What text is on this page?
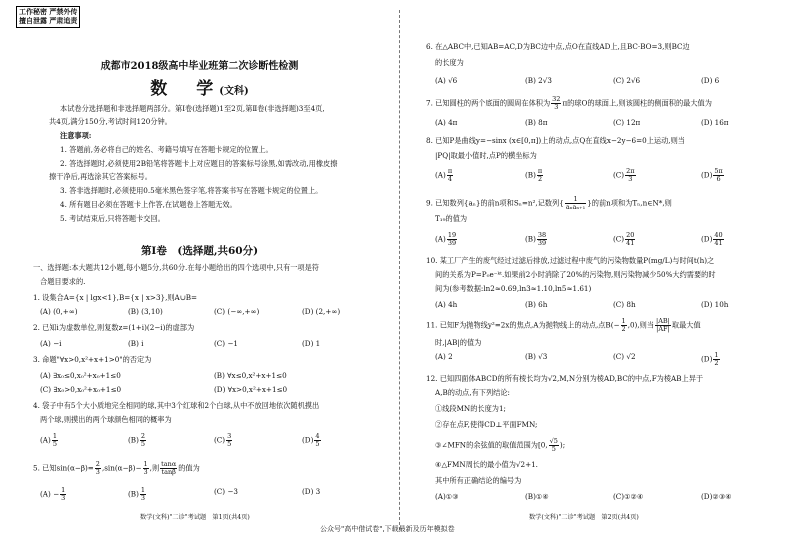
工作秘密 严禁外传
擅自泄露 严肃追责
成都市2018级高中毕业班第二次诊断性检测
数　学(文科)
本试卷分选择题和非选择题两部分。第Ⅰ卷(选择题)1至2页,第Ⅱ卷(非选择题)3至4页,
共4页,满分150分,考试时间120分钟。
注意事项:
1. 答题前,务必将自己的姓名、考籍号填写在答题卡规定的位置上。
2. 答选择题时,必须使用2B铅笔将答题卡上对应题目的答案标号涂黑,如需改动,用橡皮擦
擦干净后,再选涂其它答案标号。
3. 答非选择题时,必须使用0.5毫米黑色签字笔,将答案书写在答题卡规定的位置上。
4. 所有题目必须在答题卡上作答,在试题卷上答题无效。
5. 考试结束后,只将答题卡交回。
第Ⅰ卷　(选择题,共60分)
一、选择题:本大题共12小题,每小题5分,共60分.在每小题给出的四个选项中,只有一项是符
合题目要求的.
1. 设集合A={x | lgx<1},B={x | x>3},则A∪B=
(A) (0,+∞)	(B) (3,10)	(C) (−∞,+∞)	(D) (2,+∞)
2. 已知i为虚数单位,则复数z=(1+i)(2−i)的虚部为
(A) −i	(B) i	(C) −1	(D) 1
3. 命题"∀x>0,x²+x+1>0"的否定为
(A) ∃x₀≤0,x₀²+x₀+1≤0	(B) ∀x≤0,x²+x+1≤0
(C) ∃x₀>0,x₀²+x₀+1≤0	(D) ∀x>0,x²+x+1≤0
4. 袋子中有5个大小质地完全相同的球,其中3个红球和2个白球,从中不放回地依次随机摸出
两个球,则摸出的两个球颜色相同的概率为
$(A) \frac{1}{5}$	$(B) \frac{2}{5}$	$(C) \frac{3}{5}$	$(D) \frac{4}{5}$
5. 已知$\sin(\alpha-\beta)= \frac{2}{3} ,\sin(\alpha-\beta)- \frac{1}{3}$ ,则 $\frac{\tan\alpha}{\tan\beta}$ 的值为
$(A) - \frac{1}{3}$	$(B) \frac{1}{3}$	(C) −3	(D) 3
数学(文科)"二诊"考试题　第1页(共4页)
6. 在△ABC中,已知AB=AC,D为BC边中点,点O在直线AD上,且BC·BO=3,则BC边
的长度为
(A) √6	(B) 2√3	(C) 2√6	(D) 6
7. 已知圆柱的两个底面的圆周在体积为 $\frac{32}{3}$ π的球O的球面上,则该圆柱的侧面积的最大值为
(A) 4π	(B) 8π	(C) 12π	(D) 16π
8. 已知P是曲线y=−sinx (x∈[0,π])上的动点,点Q在直线x−2y−6=0上运动,则当
|PQ|取最小值时,点P的横坐标为
$(A) \frac{\pi}{4}$	$(B) \frac{\pi}{2}$	$(C) \frac{2\pi}{3}$	$(D) \frac{5\pi}{6}$
9. 已知数列{aₙ}的前n项和Sₙ=n²,记数列{ $\frac{1}{\text{aₙaₙ₊₁}}$ }的前n项和为Tₙ,n∈N*,则
T₁₉的值为
$(A) \frac{19}{39}$	$(B) \frac{38}{39}$	$(C) \frac{20}{41}$	$(D) \frac{40}{41}$
10. 某工厂产生的废气经过过滤后排放,过滤过程中废气的污染物数量P(mg/L)与时间t(h)之
间的关系为P=P₀e⁻ᵏᵗ.如果前2小时消除了20%的污染物,则污染物减少50%大约需要的时
间为(参考数据:ln2≈0.69,ln3≈1.10,ln5≈1.61)
(A) 4h	(B) 6h	(C) 8h	(D) 10h
11. 已知F为抛物线y²=2x的焦点,A为抛物线上的动点,点$B(- \frac{1}{2} ,0)$,则当 $\frac{|AB|}{|AF|}$ 取最大值
时,|AB|的值为
(A) 2	(B) √3	(C) √2	$(D) \frac{1}{2}$
12. 已知四面体ABCD的所有棱长均为√2,M,N分别为棱AD,BC的中点,F为棱AB上异于
A,B的动点,有下列结论:
①线段MN的长度为1;
②存在点F,使得CD⊥平面FMN;
③∠MFN的余弦值的取值范围为[0, $\frac{√5}{5}$ );
④△FMN周长的最小值为√2+1.
其中所有正确结论的编号为
(A)①③	(B)①④	(C)①②④	(D)②③④
数学(文科)"二诊"考试题　第2页(共4页)
公众号"高中借试卷",下载最新及历年模拟卷
